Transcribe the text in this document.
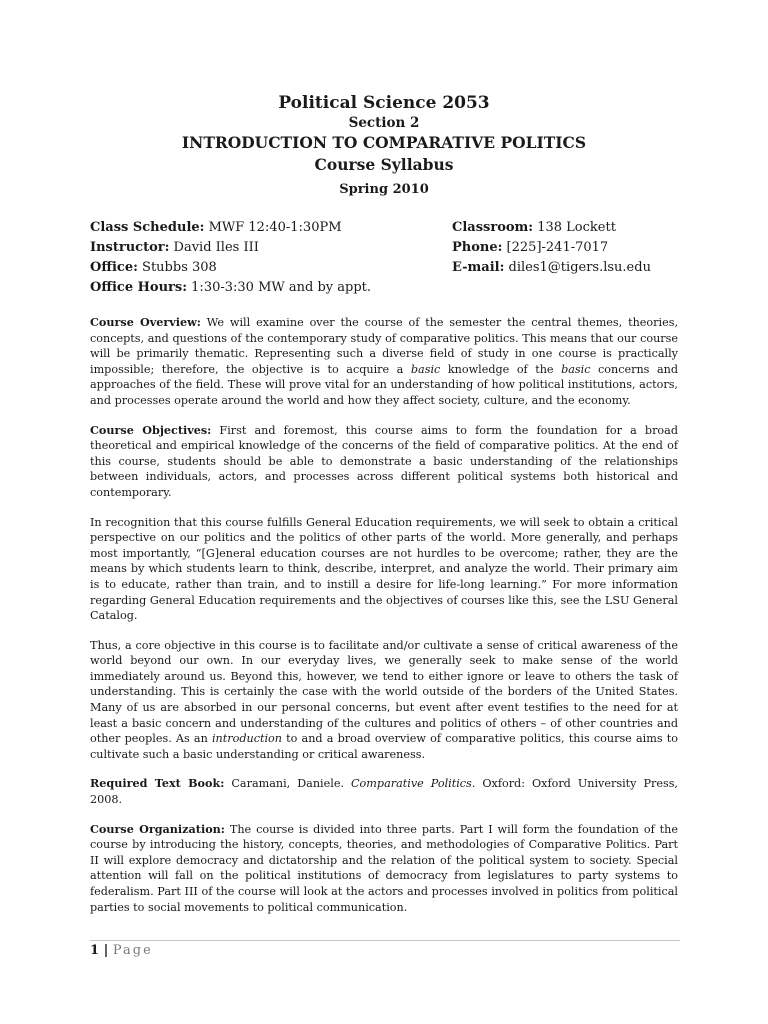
Political Science 2053
Section 2
INTRODUCTION TO COMPARATIVE POLITICS
Course Syllabus
Spring 2010
Class Schedule: MWF 12:40-1:30PM	Classroom: 138 Lockett
Instructor: David Iles III	Phone: [225]-241-7017
Office: Stubbs 308	E-mail: diles1@tigers.lsu.edu
Office Hours: 1:30-3:30 MW and by appt.

Course Overview: We will examine over the course of the semester the central themes, theories, concepts, and questions of the contemporary study of comparative politics. This means that our course will be primarily thematic. Representing such a diverse field of study in one course is practically impossible; therefore, the objective is to acquire a basic knowledge of the basic concerns and approaches of the field. These will prove vital for an understanding of how political institutions, actors, and processes operate around the world and how they affect society, culture, and the economy.

Course Objectives: First and foremost, this course aims to form the foundation for a broad theoretical and empirical knowledge of the concerns of the field of comparative politics. At the end of this course, students should be able to demonstrate a basic understanding of the relationships between individuals, actors, and processes across different political systems both historical and contemporary.

In recognition that this course fulfills General Education requirements, we will seek to obtain a critical perspective on our politics and the politics of other parts of the world. More generally, and perhaps most importantly, “[G]eneral education courses are not hurdles to be overcome; rather, they are the means by which students learn to think, describe, interpret, and analyze the world. Their primary aim is to educate, rather than train, and to instill a desire for life-long learning.” For more information regarding General Education requirements and the objectives of courses like this, see the LSU General Catalog.

Thus, a core objective in this course is to facilitate and/or cultivate a sense of critical awareness of the world beyond our own. In our everyday lives, we generally seek to make sense of the world immediately around us. Beyond this, however, we tend to either ignore or leave to others the task of understanding. This is certainly the case with the world outside of the borders of the United States. Many of us are absorbed in our personal concerns, but event after event testifies to the need for at least a basic concern and understanding of the cultures and politics of others – of other countries and other peoples. As an introduction to and a broad overview of comparative politics, this course aims to cultivate such a basic understanding or critical awareness.

Required Text Book: Caramani, Daniele. Comparative Politics. Oxford: Oxford University Press, 2008.

Course Organization: The course is divided into three parts. Part I will form the foundation of the course by introducing the history, concepts, theories, and methodologies of Comparative Politics. Part II will explore democracy and dictatorship and the relation of the political system to society. Special attention will fall on the political institutions of democracy from legislatures to party systems to federalism. Part III of the course will look at the actors and processes involved in politics from political parties to social movements to political communication.

1 | Page
